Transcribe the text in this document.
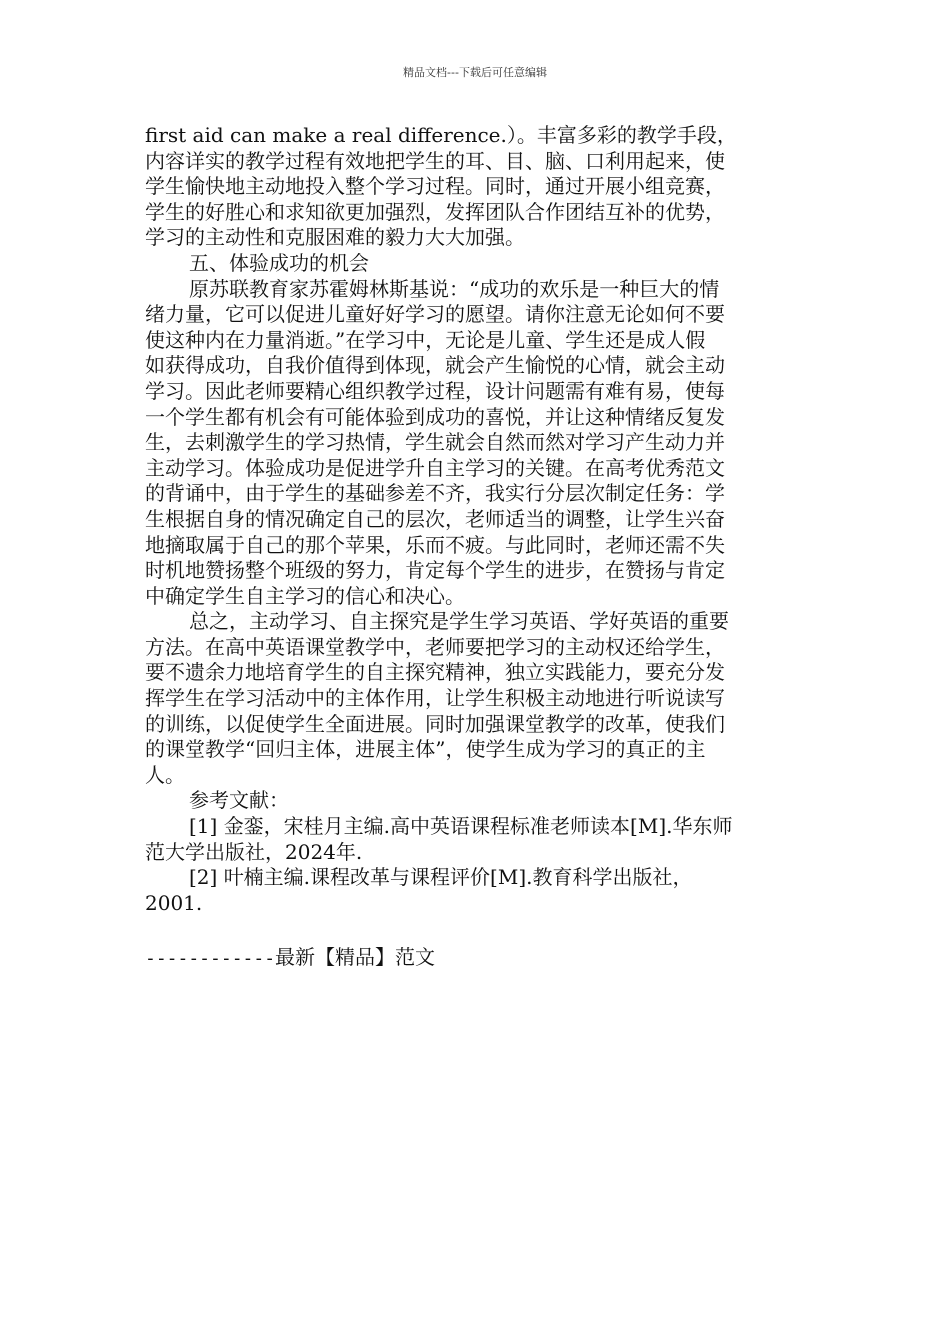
精品文档---下载后可任意编辑
first aid can make a real difference.）。丰富多彩的教学手段，
内容详实的教学过程有效地把学生的耳、目、脑、口利用起来，使
学生愉快地主动地投入整个学习过程。同时，通过开展小组竞赛，
学生的好胜心和求知欲更加强烈，发挥团队合作团结互补的优势，
学习的主动性和克服困难的毅力大大加强。
五、体验成功的机会
原苏联教育家苏霍姆林斯基说：“成功的欢乐是一种巨大的情
绪力量，它可以促进儿童好好学习的愿望。请你注意无论如何不要
使这种内在力量消逝。”在学习中，无论是儿童、学生还是成人假
如获得成功，自我价值得到体现，就会产生愉悦的心情，就会主动
学习。因此老师要精心组织教学过程，设计问题需有难有易，使每
一个学生都有机会有可能体验到成功的喜悦，并让这种情绪反复发
生，去刺激学生的学习热情，学生就会自然而然对学习产生动力并
主动学习。体验成功是促进学升自主学习的关键。在高考优秀范文
的背诵中，由于学生的基础参差不齐，我实行分层次制定任务：学
生根据自身的情况确定自己的层次，老师适当的调整，让学生兴奋
地摘取属于自己的那个苹果，乐而不疲。与此同时，老师还需不失
时机地赞扬整个班级的努力，肯定每个学生的进步，在赞扬与肯定
中确定学生自主学习的信心和决心。
总之，主动学习、自主探究是学生学习英语、学好英语的重要
方法。在高中英语课堂教学中，老师要把学习的主动权还给学生，
要不遗余力地培育学生的自主探究精神，独立实践能力，要充分发
挥学生在学习活动中的主体作用，让学生积极主动地进行听说读写
的训练，以促使学生全面进展。同时加强课堂教学的改革，使我们
的课堂教学“回归主体，进展主体”，使学生成为学习的真正的主
人。
参考文献：
[1] 金銮，宋桂月主编.高中英语课程标准老师读本[M].华东师
范大学出版社，2024年.
[2] 叶楠主编.课程改革与课程评价[M].教育科学出版社，
2001.
------------最新【精品】范文
